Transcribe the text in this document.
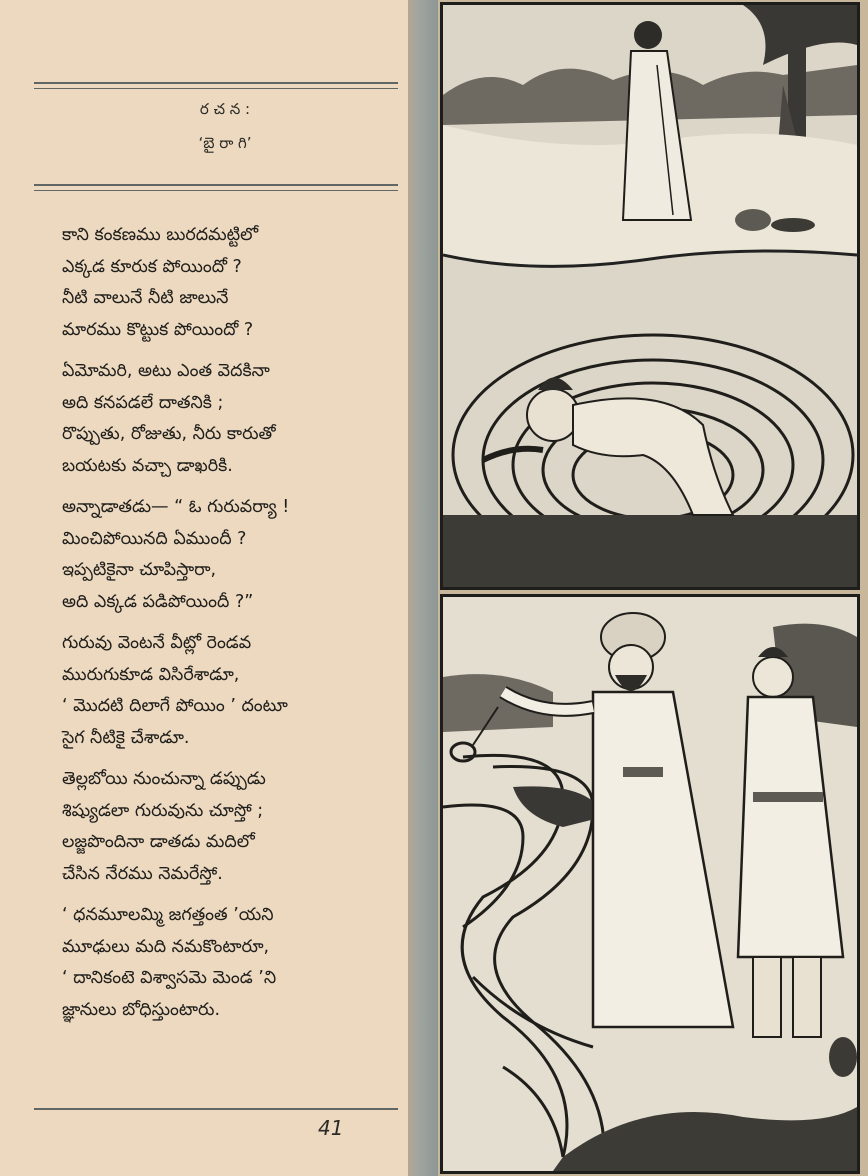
ర చ న :
‘బై రా గి’
కాని కంకణము బురదమట్టిలో
ఎక్కడ కూరుక పోయిందో ?
నీటి వాలునే నీటి జాలునే
మారము కొట్టుక పోయిందో ?
ఏమోమరి, అటు ఎంత వెదకినా
అది కనపడలే దాతనికి ;
రొప్పుతు, రోజుతు, నీరు కారుతో
బయటకు వచ్చా డాఖరికి.
అన్నాడాతడు— “ ఓ గురువర్యా !
మించిపోయినది ఏముందీ ?
ఇప్పటికైనా చూపిస్తారా,
అది ఎక్కడ పడిపోయిందీ ?”
గురువు వెంటనే వీట్లో రెండవ
మురుగుకూడ విసిరేశాడూ,
‘ మొదటి దిలాగే పోయిం ’ దంటూ
సైగ నీటికై చేశాడూ.
తెల్లబోయి నుంచున్నా డప్పుడు
శిష్యుడలా గురువును చూస్తో ;
లజ్జపొందినా డాతడు మదిలో
చేసిన నేరము నెమరేస్తో.
‘ ధనమూలమ్మి జగత్తంత ’యని
మూఢులు మది నమకొంటారూ,
‘ దానికంటె విశ్వాసమె మెండ ’ని
జ్ఞానులు బోధిస్తుంటారు.
41
